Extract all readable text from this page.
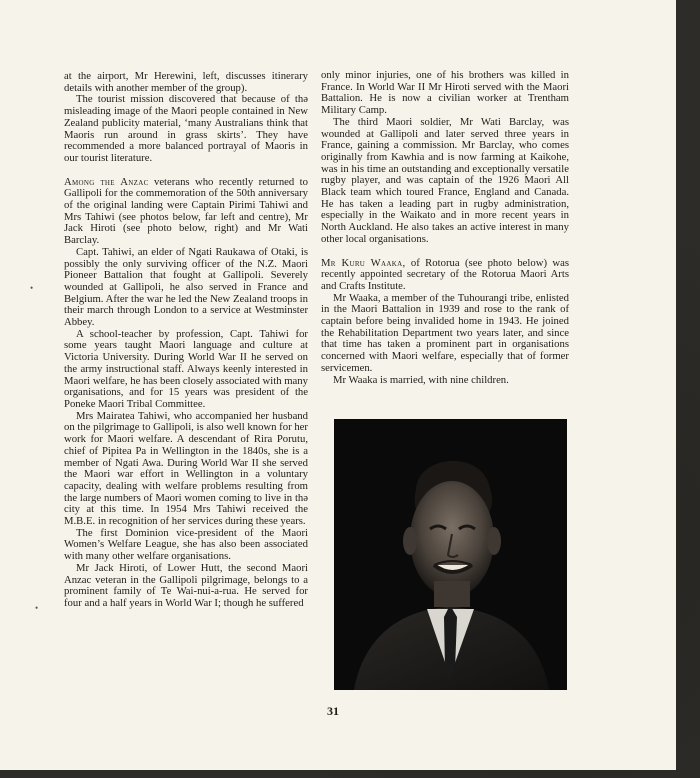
at the airport, Mr Herewini, left, discusses itinerary details with another member of the group).

The tourist mission discovered that because of thə misleading image of the Maori people contained in New Zealand publicity material, ‘many Australians think that Maoris run around in grass skirts’. They have recommended a more balanced portrayal of Maoris in our tourist literature.

Among the Anzac veterans who recently returned to Gallipoli for the commemoration of the 50th anniversary of the original landing were Captain Pirimi Tahiwi and Mrs Tahiwi (see photos below, far left and centre), Mr Jack Hiroti (see photo below, right) and Mr Wati Barclay.

Capt. Tahiwi, an elder of Ngati Raukawa of Otaki, is possibly the only surviving officer of the N.Z. Maori Pioneer Battalion that fought at Gallipoli. Severely wounded at Gallipoli, he also served in France and Belgium. After the war he led the New Zealand troops in their march through London to a service at Westminster Abbey.

A school-teacher by profession, Capt. Tahiwi for some years taught Maori language and culture at Victoria University. During World War II he served on the army instructional staff. Always keenly interested in Maori welfare, he has been closely associated with many organisations, and for 15 years was president of the Poneke Maori Tribal Committee.

Mrs Mairatea Tahiwi, who accompanied her husband on the pilgrimage to Gallipoli, is also well known for her work for Maori welfare. A descendant of Rira Porutu, chief of Pipitea Pa in Wellington in the 1840s, she is a member of Ngati Awa. During World War II she served the Maori war effort in Wellington in a voluntary capacity, dealing with welfare problems resulting from the large numbers of Maori women coming to live in thə city at this time. In 1954 Mrs Tahiwi received the M.B.E. in recognition of her services during these years.

The first Dominion vice-president of the Maori Women’s Welfare League, she has also been associated with many other welfare organisations.

Mr Jack Hiroti, of Lower Hutt, the second Maori Anzac veteran in the Gallipoli pilgrimage, belongs to a prominent family of Te Wai-nui-a-rua. He served for four and a half years in World War I; though he suffered

only minor injuries, one of his brothers was killed in France. In World War II Mr Hiroti served with the Maori Battalion. He is now a civilian worker at Trentham Military Camp.

The third Maori soldier, Mr Wati Barclay, was wounded at Gallipoli and later served three years in France, gaining a commission. Mr Barclay, who comes originally from Kawhia and is now farming at Kaikohe, was in his time an outstanding and exceptionally versatile rugby player, and was captain of the 1926 Maori All Black team which toured France, England and Canada. He has taken a leading part in rugby administration, especially in the Waikato and in more recent years in North Auckland. He also takes an active interest in many other local organisations.

Mr Kuru Waaka, of Rotorua (see photo below) was recently appointed secretary of the Rotorua Maori Arts and Crafts Institute.

Mr Waaka, a member of the Tuhourangi tribe, enlisted in the Maori Battalion in 1939 and rose to the rank of captain before being invalided home in 1943. He joined the Rehabilitation Department two years later, and since that time has taken a prominent part in organisations concerned with Maori welfare, especially that of former servicemen.

Mr Waaka is married, with nine children.

31
•
•
